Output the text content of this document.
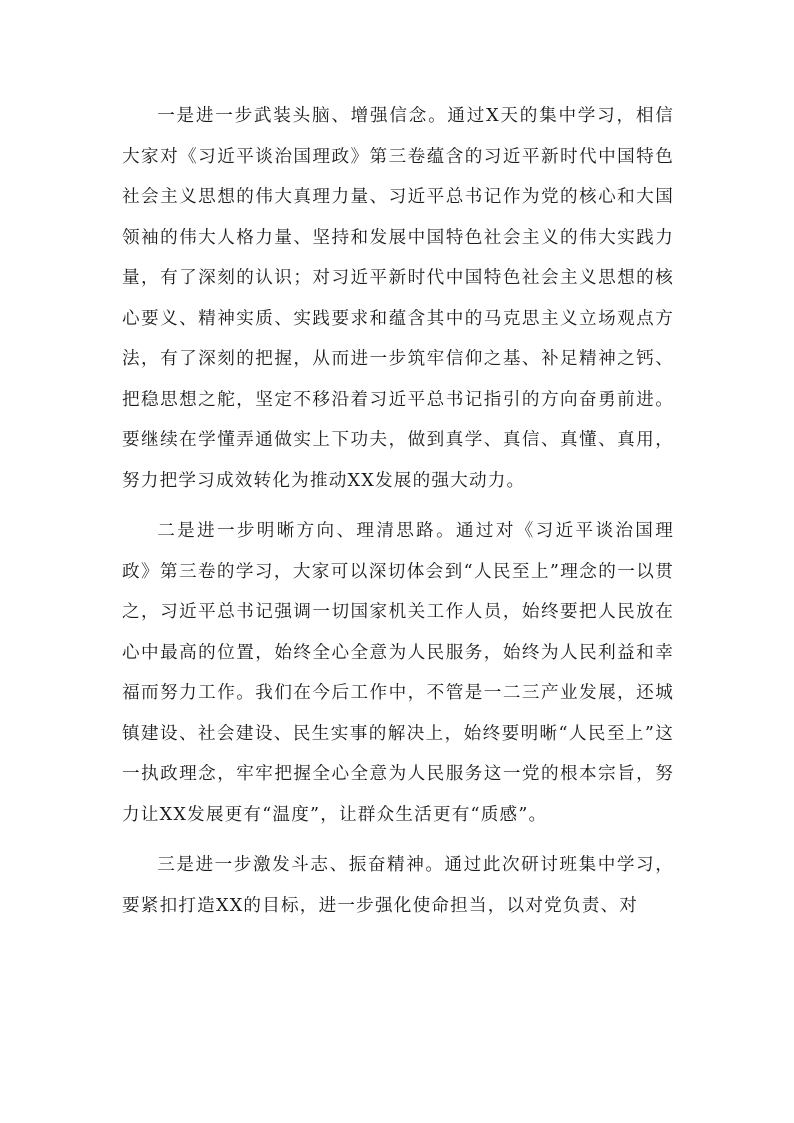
一是进一步武装头脑、增强信念。通过X天的集中学习，相信大家对《习近平谈治国理政》第三卷蕴含的习近平新时代中国特色社会主义思想的伟大真理力量、习近平总书记作为党的核心和大国领袖的伟大人格力量、坚持和发展中国特色社会主义的伟大实践力量，有了深刻的认识；对习近平新时代中国特色社会主义思想的核心要义、精神实质、实践要求和蕴含其中的马克思主义立场观点方法，有了深刻的把握，从而进一步筑牢信仰之基、补足精神之钙、把稳思想之舵，坚定不移沿着习近平总书记指引的方向奋勇前进。要继续在学懂弄通做实上下功夫，做到真学、真信、真懂、真用，努力把学习成效转化为推动XX发展的强大动力。

二是进一步明晰方向、理清思路。通过对《习近平谈治国理政》第三卷的学习，大家可以深切体会到“人民至上”理念的一以贯之，习近平总书记强调一切国家机关工作人员，始终要把人民放在心中最高的位置，始终全心全意为人民服务，始终为人民利益和幸福而努力工作。我们在今后工作中，不管是一二三产业发展，还城镇建设、社会建设、民生实事的解决上，始终要明晰“人民至上”这一执政理念，牢牢把握全心全意为人民服务这一党的根本宗旨，努力让XX发展更有“温度”，让群众生活更有“质感”。

三是进一步激发斗志、振奋精神。通过此次研讨班集中学习，要紧扣打造XX的目标，进一步强化使命担当，以对党负责、对
